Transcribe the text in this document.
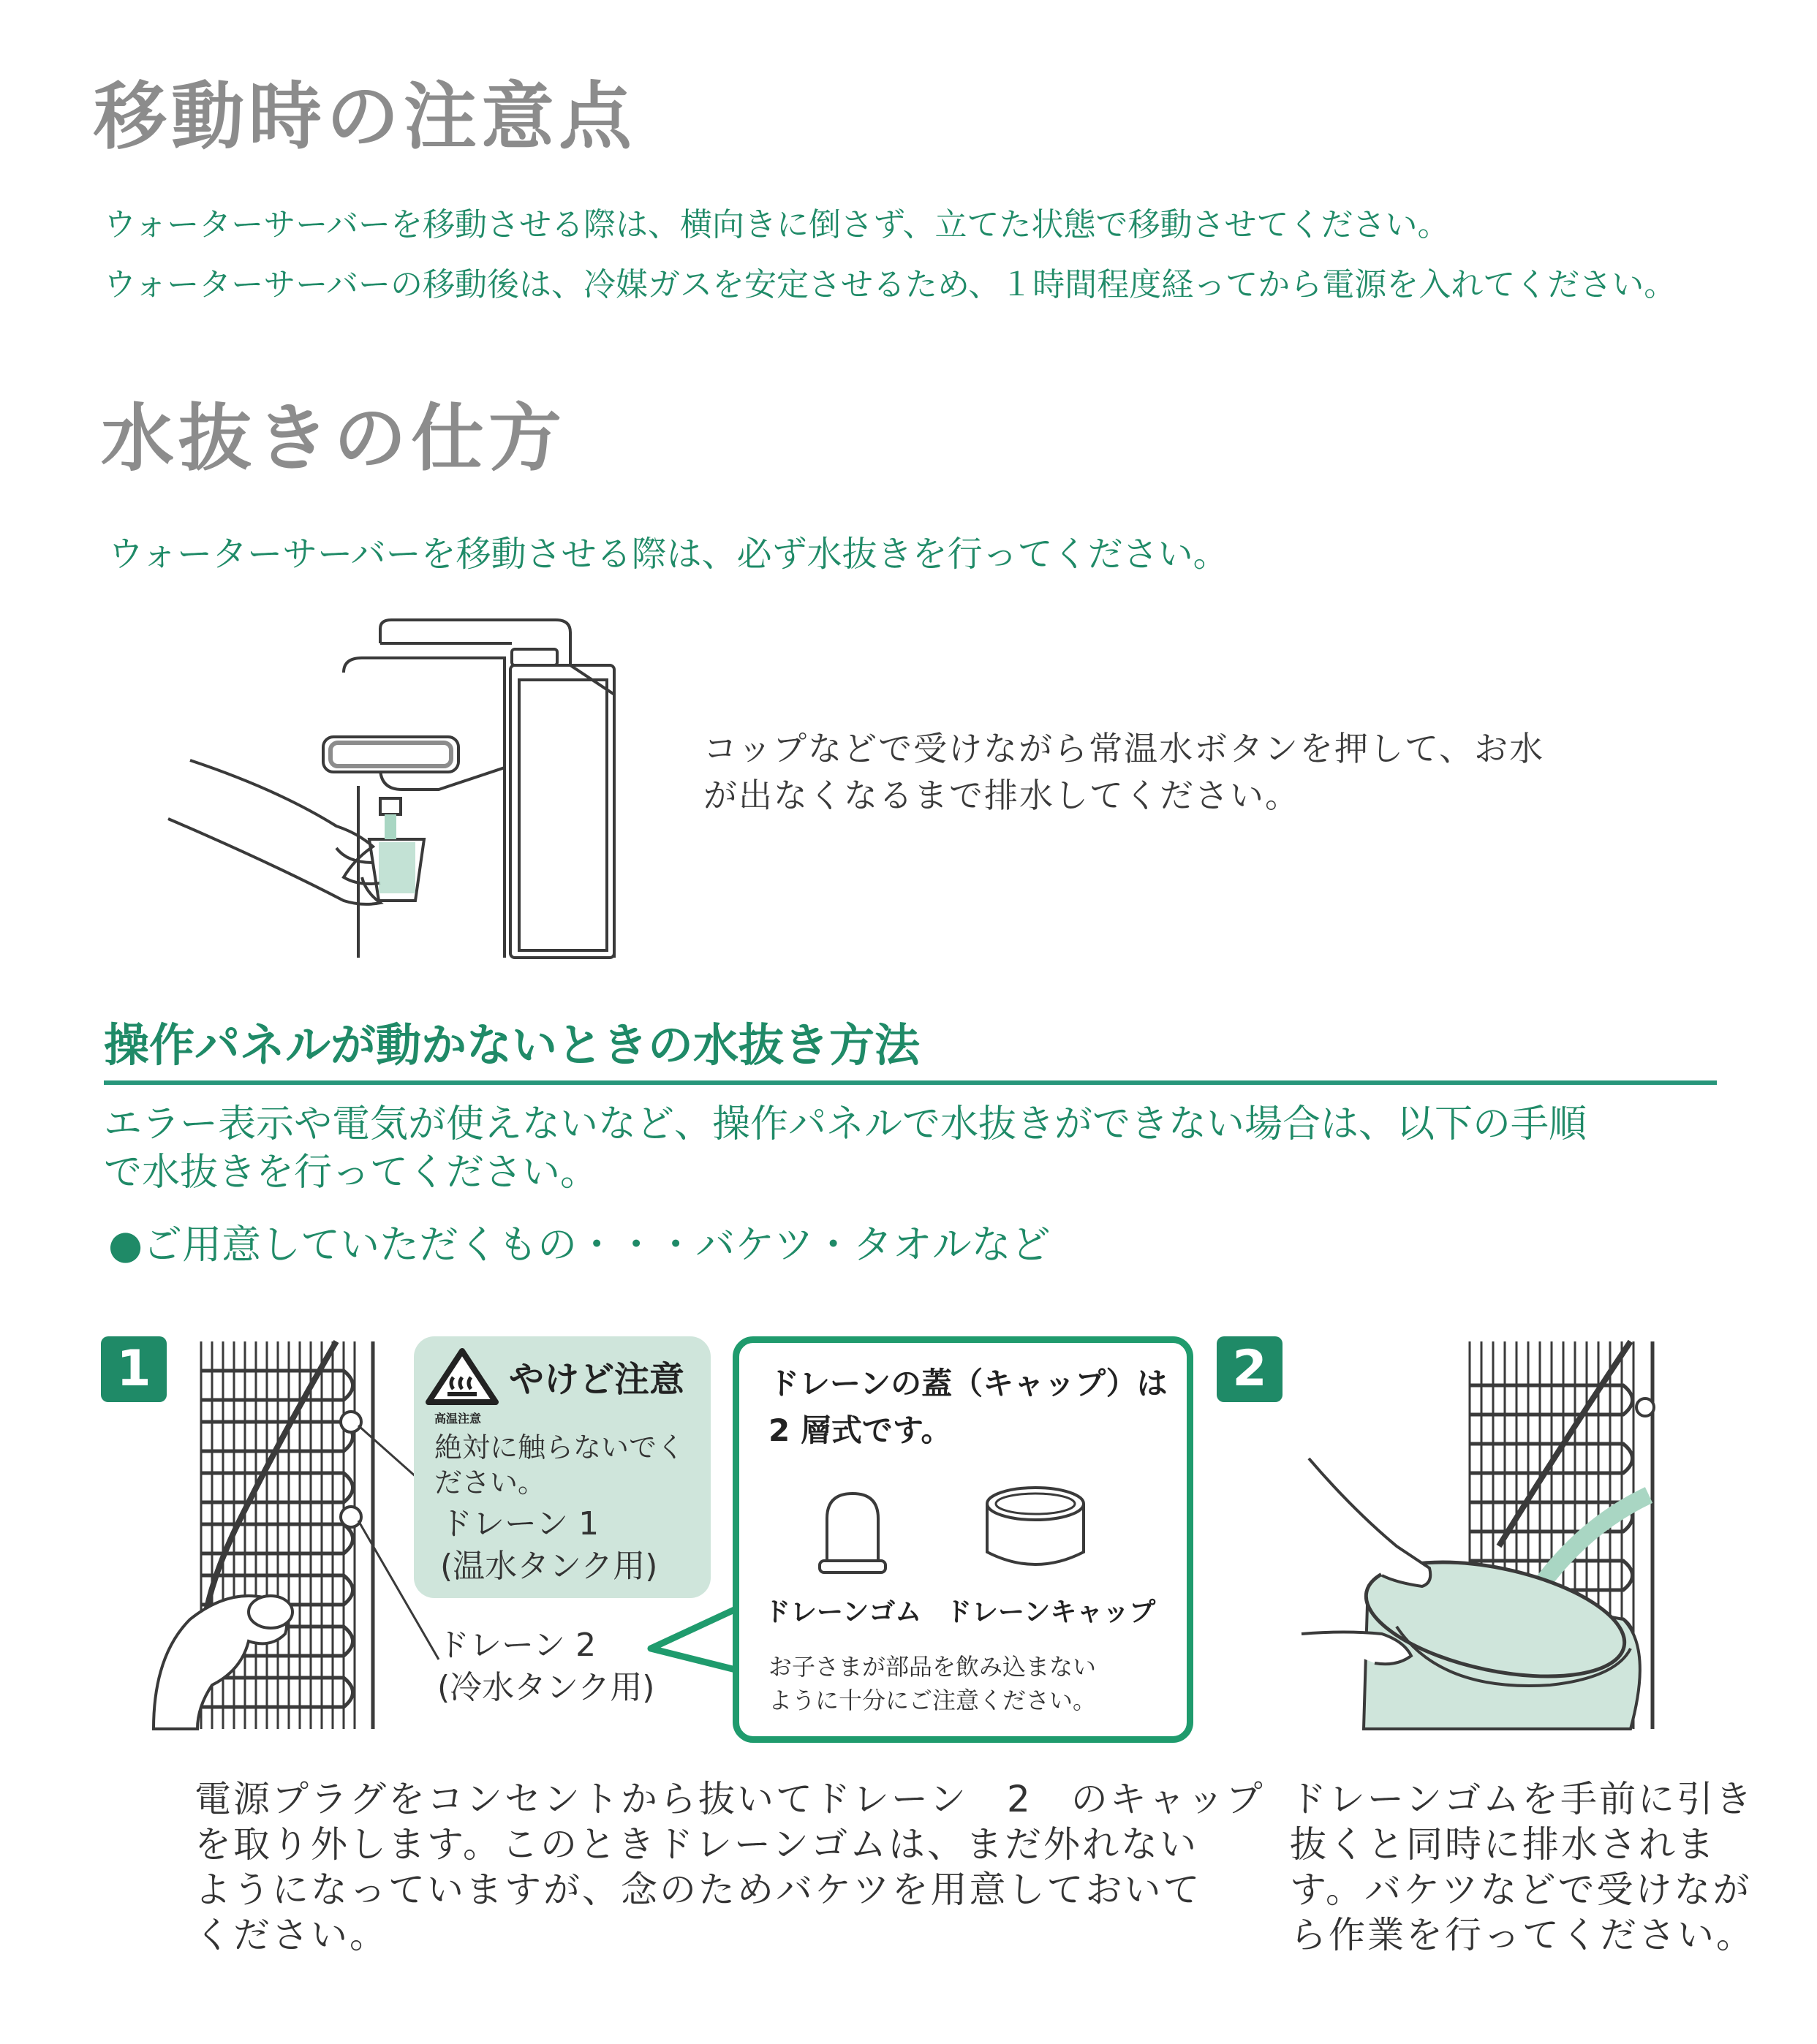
移動時の注意点
ウォーターサーバーを移動させる際は、横向きに倒さず、立てた状態で移動させてください。
ウォーターサーバーの移動後は、冷媒ガスを安定させるため、１時間程度経ってから電源を入れてください。
水抜きの仕方
ウォーターサーバーを移動させる際は、必ず水抜きを行ってください。
コップなどで受けながら常温水ボタンを押して、お水
が出なくなるまで排水してください。
操作パネルが動かないときの水抜き方法
エラー表示や電気が使えないなど、操作パネルで水抜きができない場合は、以下の手順
で水抜きを行ってください。
●ご用意していただくもの・・・バケツ・タオルなど
1
高温注意
やけど注意
絶対に触らないでく
ださい。
ドレーン 1
(温水タンク用)
ドレーン 2
(冷水タンク用)
ドレーンの蓋（キャップ）は
2 層式です。
ドレーンゴム ドレーンキャップ
お子さまが部品を飲み込まない
ように十分にご注意ください。
電源プラグをコンセントから抜いてドレーン　2　のキャップ
を取り外します。このときドレーンゴムは、まだ外れない
ようになっていますが、念のためバケツを用意しておいて
ください。
2
ドレーンゴムを手前に引き
抜くと同時に排水されま
す。バケツなどで受けなが
ら作業を行ってください。
